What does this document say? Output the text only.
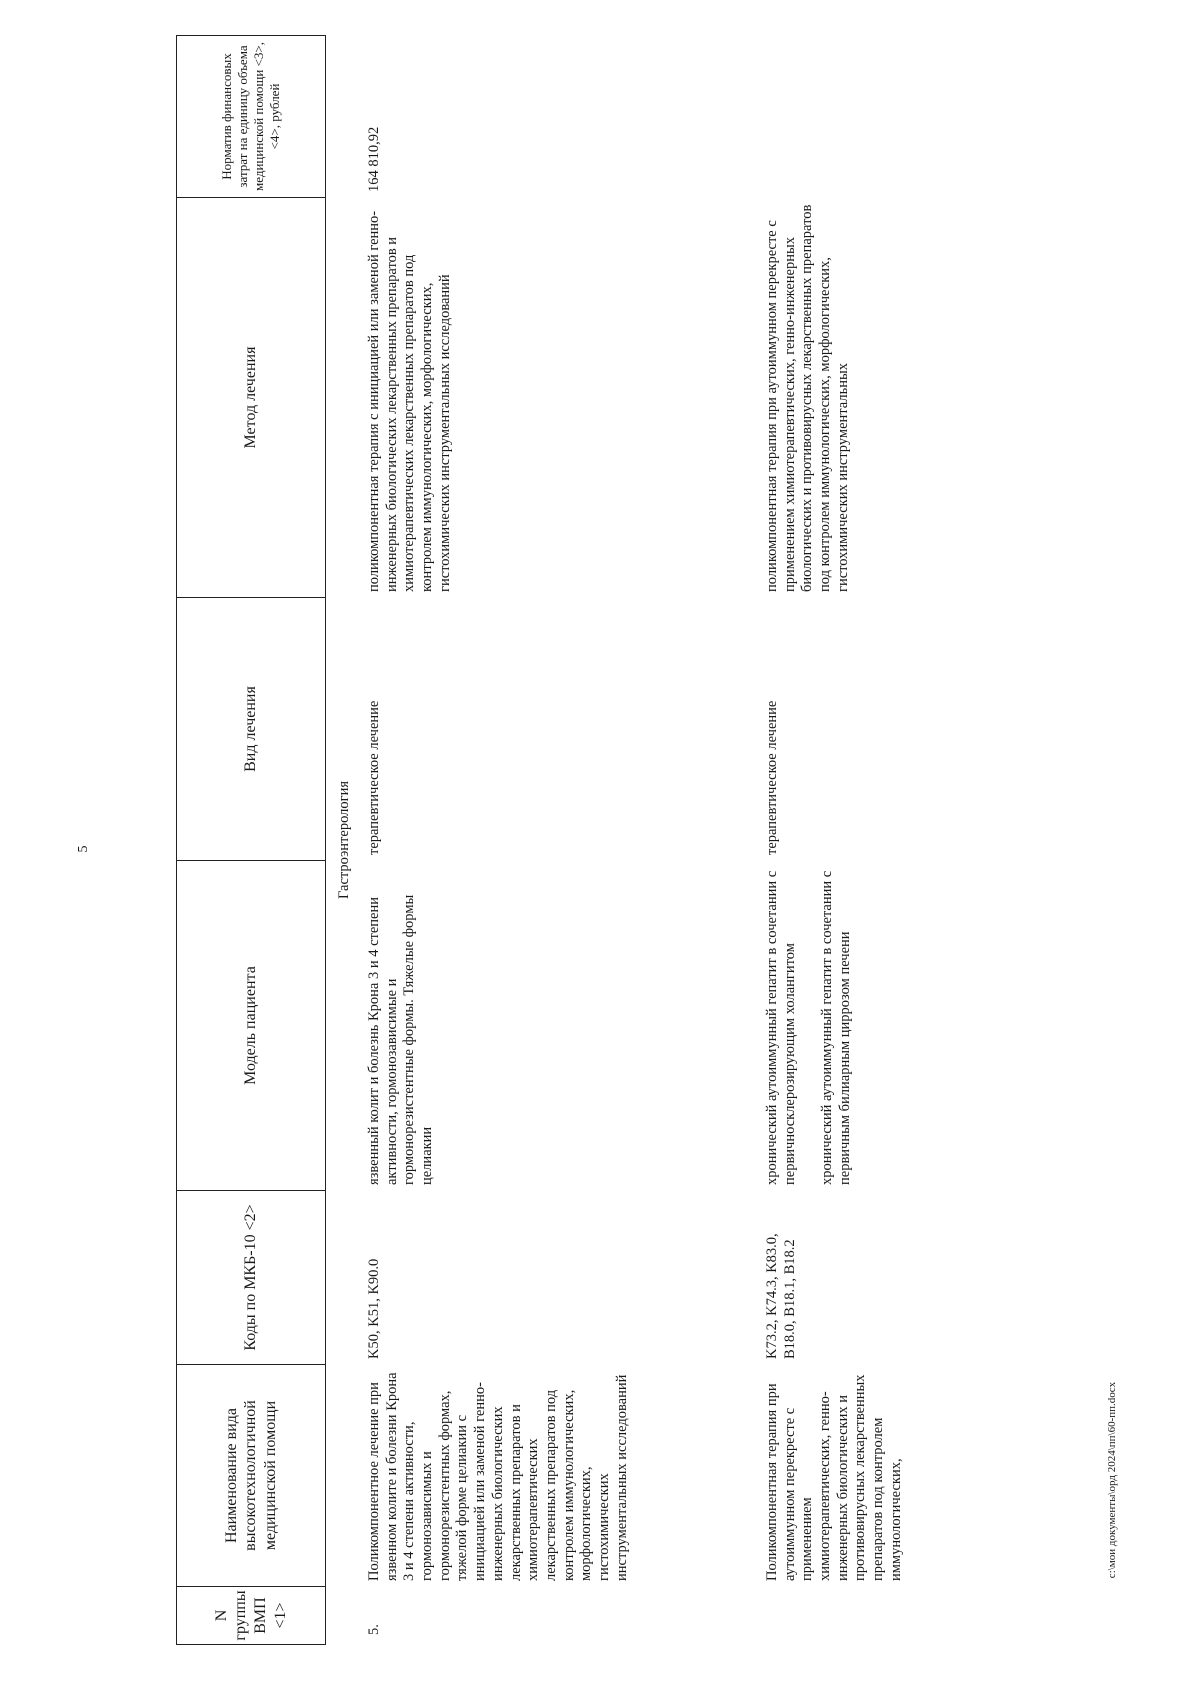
5
c:\мои документы\орд 2024\пп\60-пп.docx
N группы ВМП <1>
Наименование вида высокотехнологичной медицинской помощи
Коды по МКБ-10 <2>
Модель пациента
Вид лечения
Метод лечения
Норматив финансовых затрат на единицу объема медицинской помощи <3>, <4>, рублей
Гастроэнтерология
5.
Поликомпонентное лечение при язвенном колите и болезни Крона 3 и 4 степени активности, гормонозависимых и гормонорезистентных формах, тяжелой форме целиакии с инициацией или заменой генно-инженерных биологических лекарственных препаратов и химиотерапевтических лекарственных препаратов под контролем иммунологических, морфологических, гистохимических инструментальных исследований
K50, K51, K90.0
язвенный колит и болезнь Крона 3 и 4 степени активности, гормонозависимые и гормонорезистентные формы. Тяжелые формы целиакии
терапевтическое лечение
поликомпонентная терапия с инициацией или заменой генно-инженерных биологических лекарственных препаратов и химиотерапевтических лекарственных препаратов под контролем иммунологических, морфологических, гистохимических инструментальных исследований
164 810,92
Поликомпонентная терапия при аутоиммунном перекресте с применением химиотерапевтических, генно-инженерных биологических и противовирусных лекарственных препаратов под контролем иммунологических,
K73.2, K74.3, K83.0, B18.0, B18.1, B18.2

хронический аутоиммунный гепатит в сочетании с первичносклерозирующим холангитом хронический аутоиммунный гепатит в сочетании с первичным билиарным циррозом печени

терапевтическое лечение
поликомпонентная терапия при аутоиммунном перекресте с применением химиотерапевтических, генно-инженерных биологических и противовирусных лекарственных препаратов под контролем иммунологических, морфологических, гистохимических инструментальных
